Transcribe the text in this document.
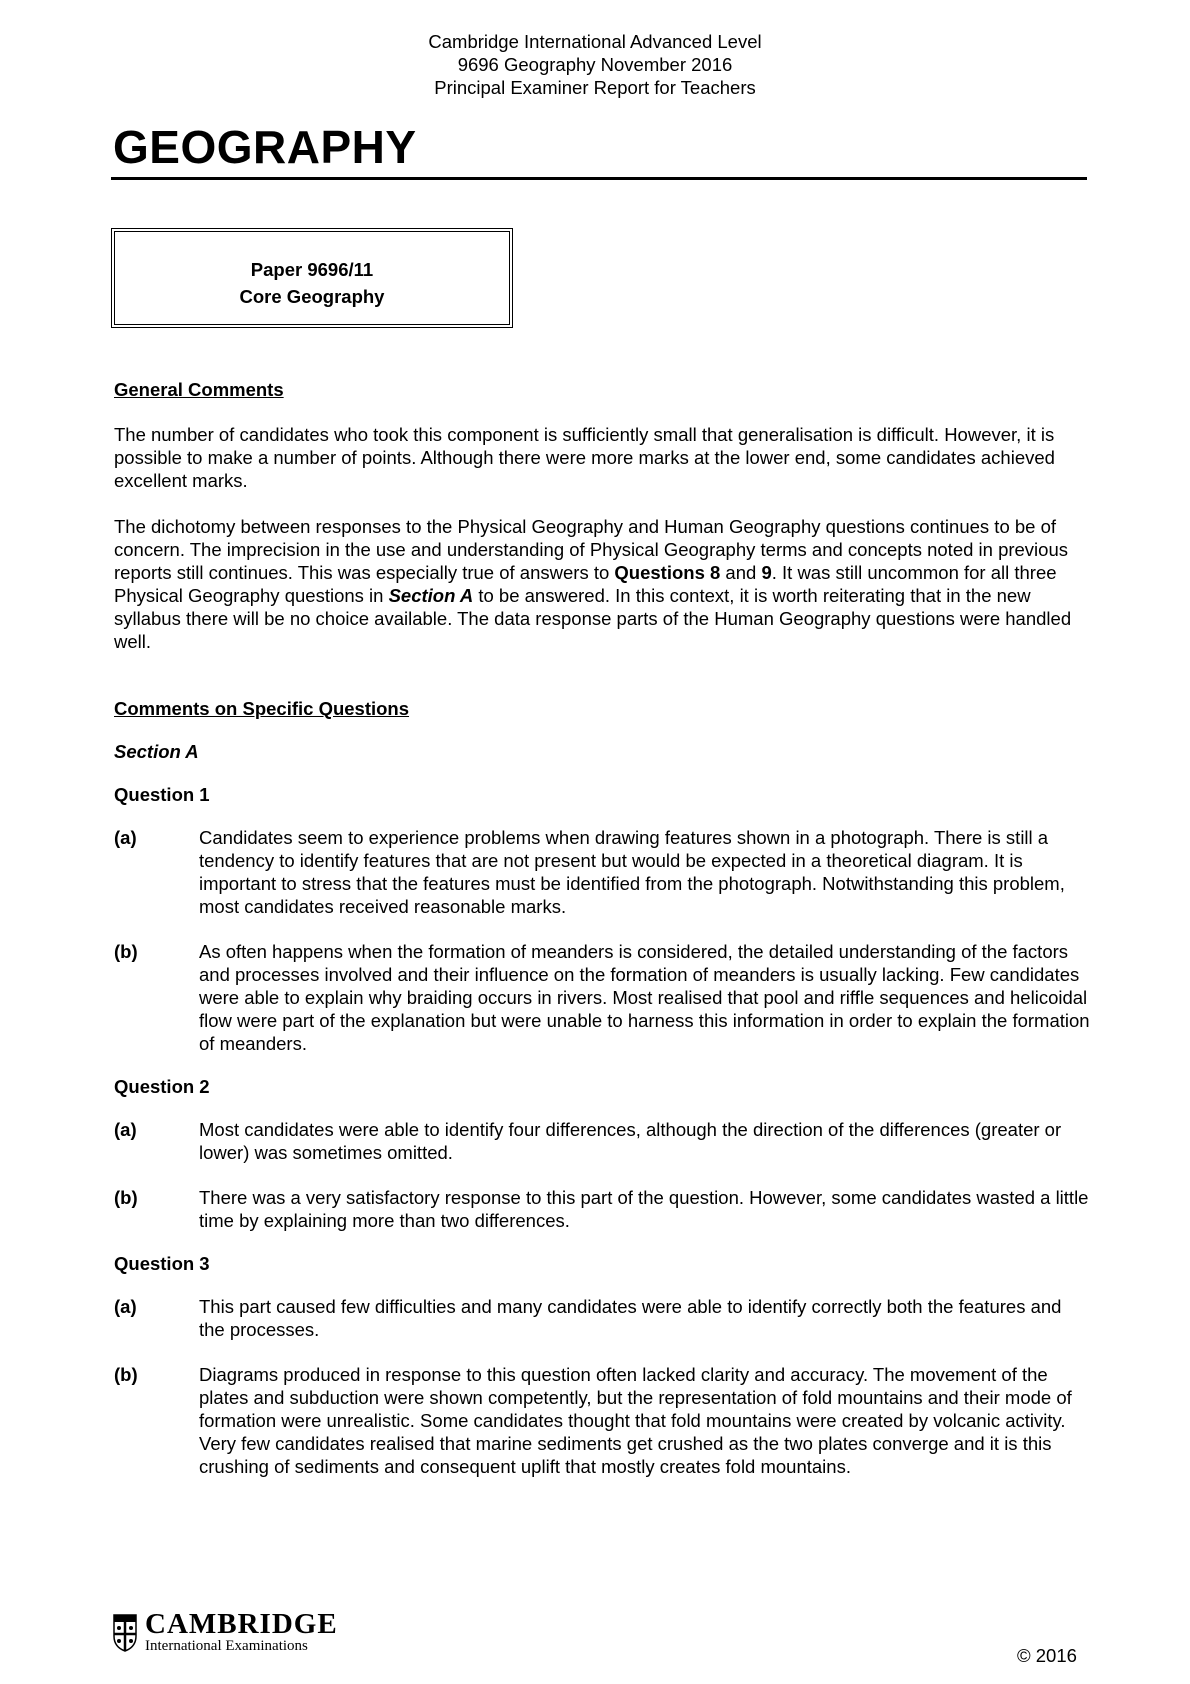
Cambridge International Advanced Level
9696 Geography November 2016
Principal Examiner Report for Teachers
GEOGRAPHY
Paper 9696/11
Core Geography

General Comments

The number of candidates who took this component is sufficiently small that generalisation is difficult. However, it is possible to make a number of points. Although there were more marks at the lower end, some candidates achieved excellent marks.

The dichotomy between responses to the Physical Geography and Human Geography questions continues to be of concern. The imprecision in the use and understanding of Physical Geography terms and concepts noted in previous reports still continues. This was especially true of answers to Questions 8 and 9. It was still uncommon for all three Physical Geography questions in Section A to be answered. In this context, it is worth reiterating that in the new syllabus there will be no choice available. The data response parts of the Human Geography questions were handled well.

Comments on Specific Questions

Section A

Question 1

(a)	Candidates seem to experience problems when drawing features shown in a photograph. There is still a tendency to identify features that are not present but would be expected in a theoretical diagram. It is important to stress that the features must be identified from the photograph. Notwithstanding this problem, most candidates received reasonable marks.
(b)	As often happens when the formation of meanders is considered, the detailed understanding of the factors and processes involved and their influence on the formation of meanders is usually lacking. Few candidates were able to explain why braiding occurs in rivers. Most realised that pool and riffle sequences and helicoidal flow were part of the explanation but were unable to harness this information in order to explain the formation of meanders.

Question 2

(a)	Most candidates were able to identify four differences, although the direction of the differences (greater or lower) was sometimes omitted.
(b)	There was a very satisfactory response to this part of the question. However, some candidates wasted a little time by explaining more than two differences.

Question 3

(a)	This part caused few difficulties and many candidates were able to identify correctly both the features and the processes.
(b)	Diagrams produced in response to this question often lacked clarity and accuracy. The movement of the plates and subduction were shown competently, but the representation of fold mountains and their mode of formation were unrealistic. Some candidates thought that fold mountains were created by volcanic activity. Very few candidates realised that marine sediments get crushed as the two plates converge and it is this crushing of sediments and consequent uplift that mostly creates fold mountains.
CAMBRIDGE
International Examinations	© 2016
